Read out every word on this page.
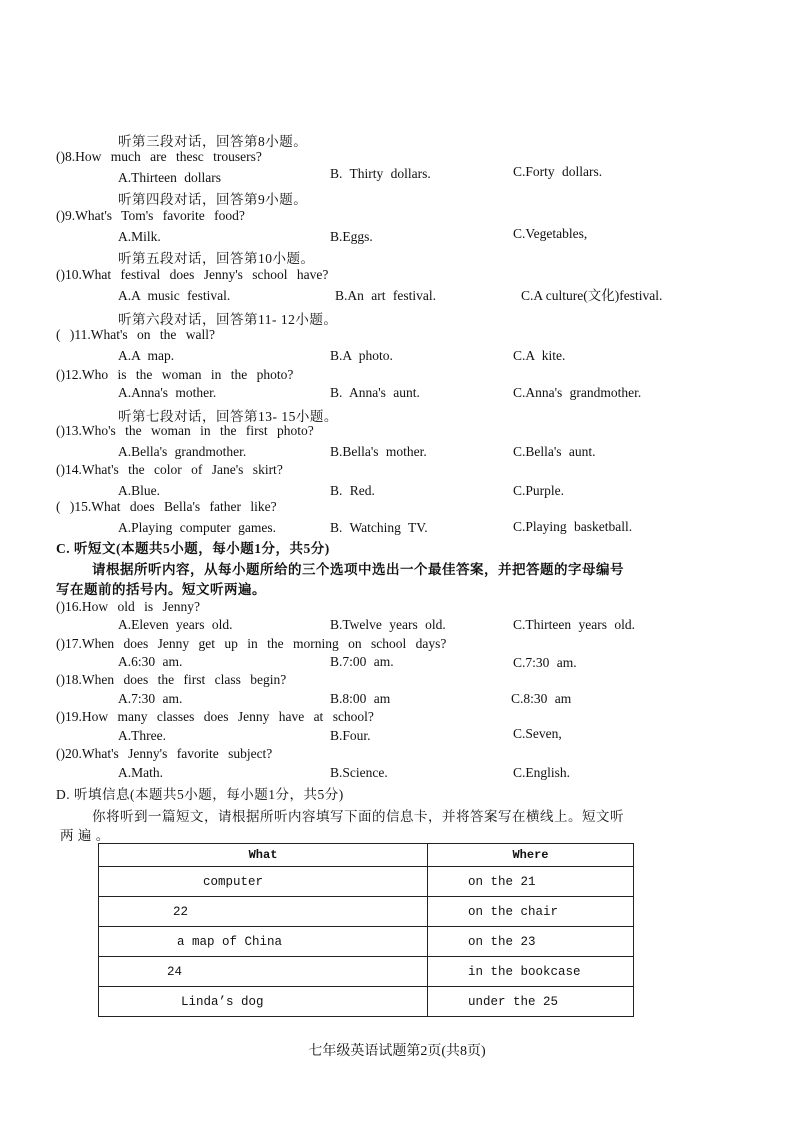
听第三段对话，回答第8小题。
()8.How much are thesc trousers?
A.Thirteen dollars	B. Thirty dollars.	C.Forty dollars.
听第四段对话，回答第9小题。
()9.What's Tom's favorite food?
A.Milk.	B.Eggs.	C.Vegetables,
听第五段对话，回答第10小题。
()10.What festival does Jenny's school have?
A.A music festival.	B.An art festival.	C.A culture(文化)festival.
听第六段对话，回答第11- 12小题。
( )11.What's on the wall?
A.A map.	B.A photo.	C.A kite.
()12.Who is the woman in the photo?
A.Anna's mother.	B. Anna's aunt.	C.Anna's grandmother.
听第七段对话，回答第13- 15小题。
()13.Who's the woman in the first photo?
A.Bella's grandmother.	B.Bella's mother.	C.Bella's aunt.
()14.What's the color of Jane's skirt?
A.Blue.	B. Red.	C.Purple.
( )15.What does Bella's father like?
A.Playing computer games.	B. Watching TV.	C.Playing basketball.
C. 听短文(本题共5小题，每小题1分，共5分)
请根据所听内容，从每小题所给的三个选项中选出一个最佳答案，并把答题的字母编号
写在题前的括号内。短文听两遍。
()16.How old is Jenny?
A.Eleven years old.	B.Twelve years old.	C.Thirteen years old.
()17.When does Jenny get up in the morning on school days?
A.6:30 am.	B.7:00 am.	C.7:30 am.
()18.When does the first class begin?
A.7:30 am.	B.8:00 am	C.8:30 am
()19.How many classes does Jenny have at school?
A.Three.	B.Four.	C.Seven,
()20.What's Jenny's favorite subject?
A.Math.	B.Science.	C.English.
D. 听填信息(本题共5小题，每小题1分，共5分)
你将听到一篇短文，请根据所听内容填写下面的信息卡，并将答案写在横线上。短文听
两 遍 。
What	Where
computer	on the 21
22	on the chair
a map of China	on the 23
24	in the bookcase
Linda’s dog	under the 25
七年级英语试题第2页(共8页)
